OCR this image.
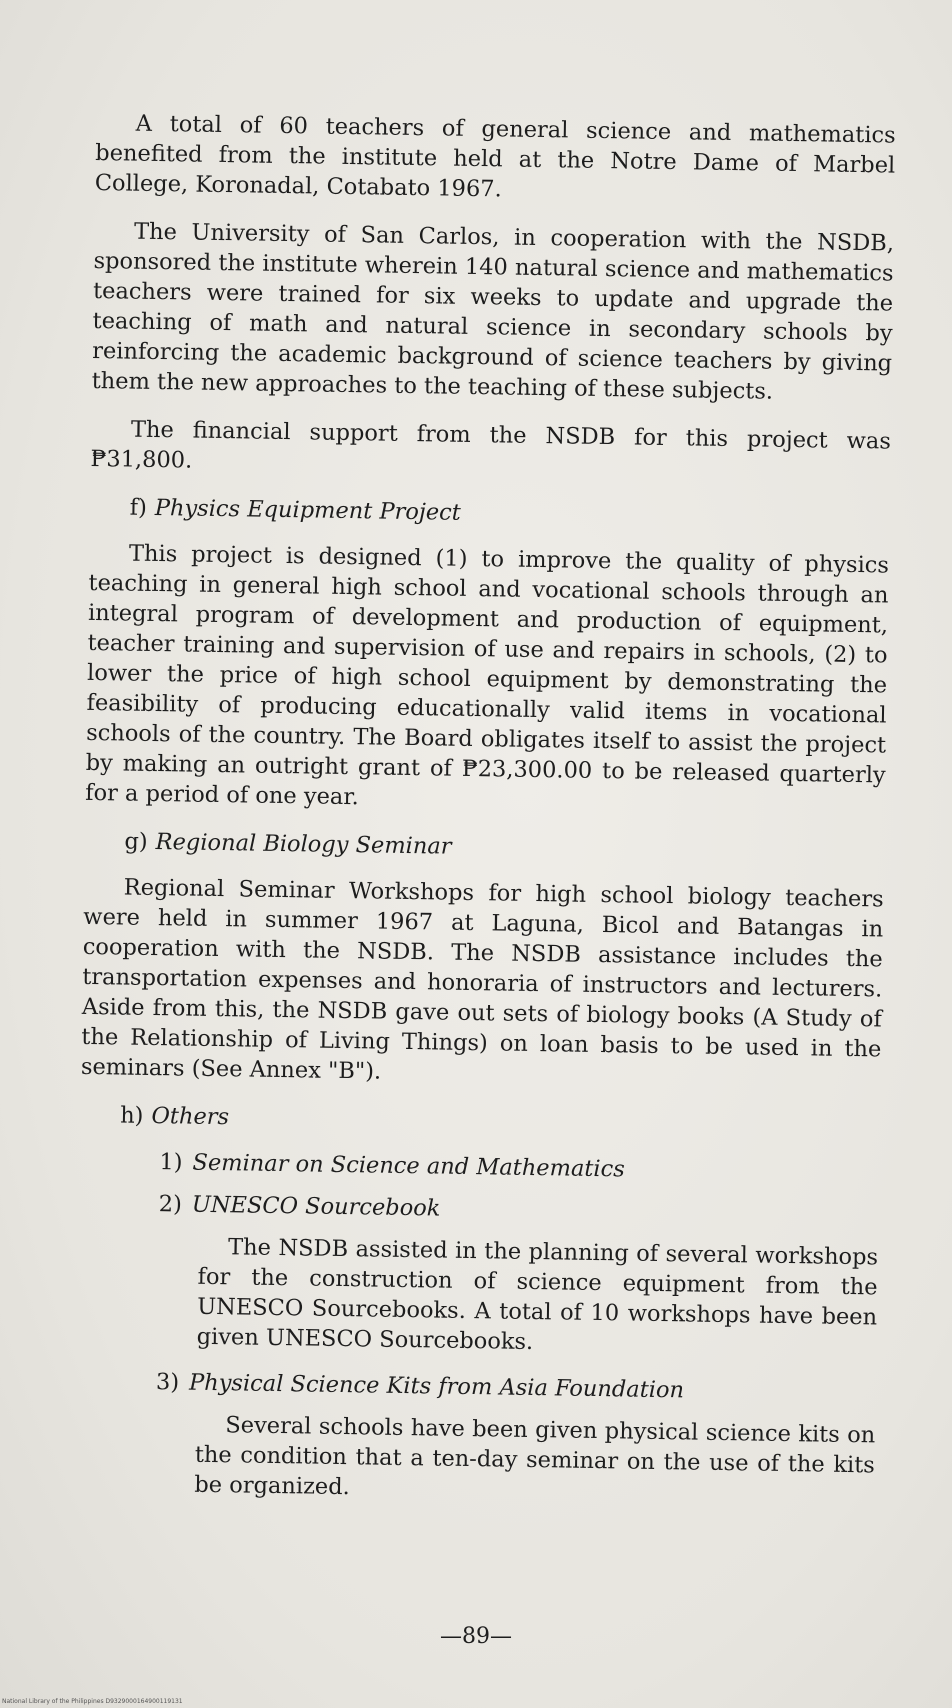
A total of 60 teachers of general science and mathematics benefited from the institute held at the Notre Dame of Marbel College, Koronadal, Cotabato 1967.

The University of San Carlos, in cooperation with the NSDB, sponsored the institute wherein 140 natural science and mathematics teachers were trained for six weeks to update and upgrade the teaching of math and natural science in secondary schools by reinforcing the academic background of science teachers by giving them the new approaches to the teaching of these subjects.

The financial support from the NSDB for this project was ₱31,800.

f) Physics Equipment Project

This project is designed (1) to improve the quality of physics teaching in general high school and vocational schools through an integral program of development and production of equipment, teacher training and supervision of use and repairs in schools, (2) to lower the price of high school equipment by demonstrating the feasibility of producing educationally valid items in vocational schools of the country. The Board obligates itself to assist the project by making an outright grant of ₱23,300.00 to be released quarterly for a period of one year.

g) Regional Biology Seminar

Regional Seminar Workshops for high school biology teachers were held in summer 1967 at Laguna, Bicol and Batangas in cooperation with the NSDB. The NSDB assistance includes the transportation expenses and honoraria of instructors and lecturers. Aside from this, the NSDB gave out sets of biology books (A Study of the Relationship of Living Things) on loan basis to be used in the seminars (See Annex "B").

h) Others

1) Seminar on Science and Mathematics

2) UNESCO Sourcebook

The NSDB assisted in the planning of several workshops for the construction of science equipment from the UNESCO Sourcebooks. A total of 10 workshops have been given UNESCO Sourcebooks.

3) Physical Science Kits from Asia Foundation

Several schools have been given physical science kits on the condition that a ten-day seminar on the use of the kits be organized.

—89—
National Library of the Philippines D9329000164900119131
